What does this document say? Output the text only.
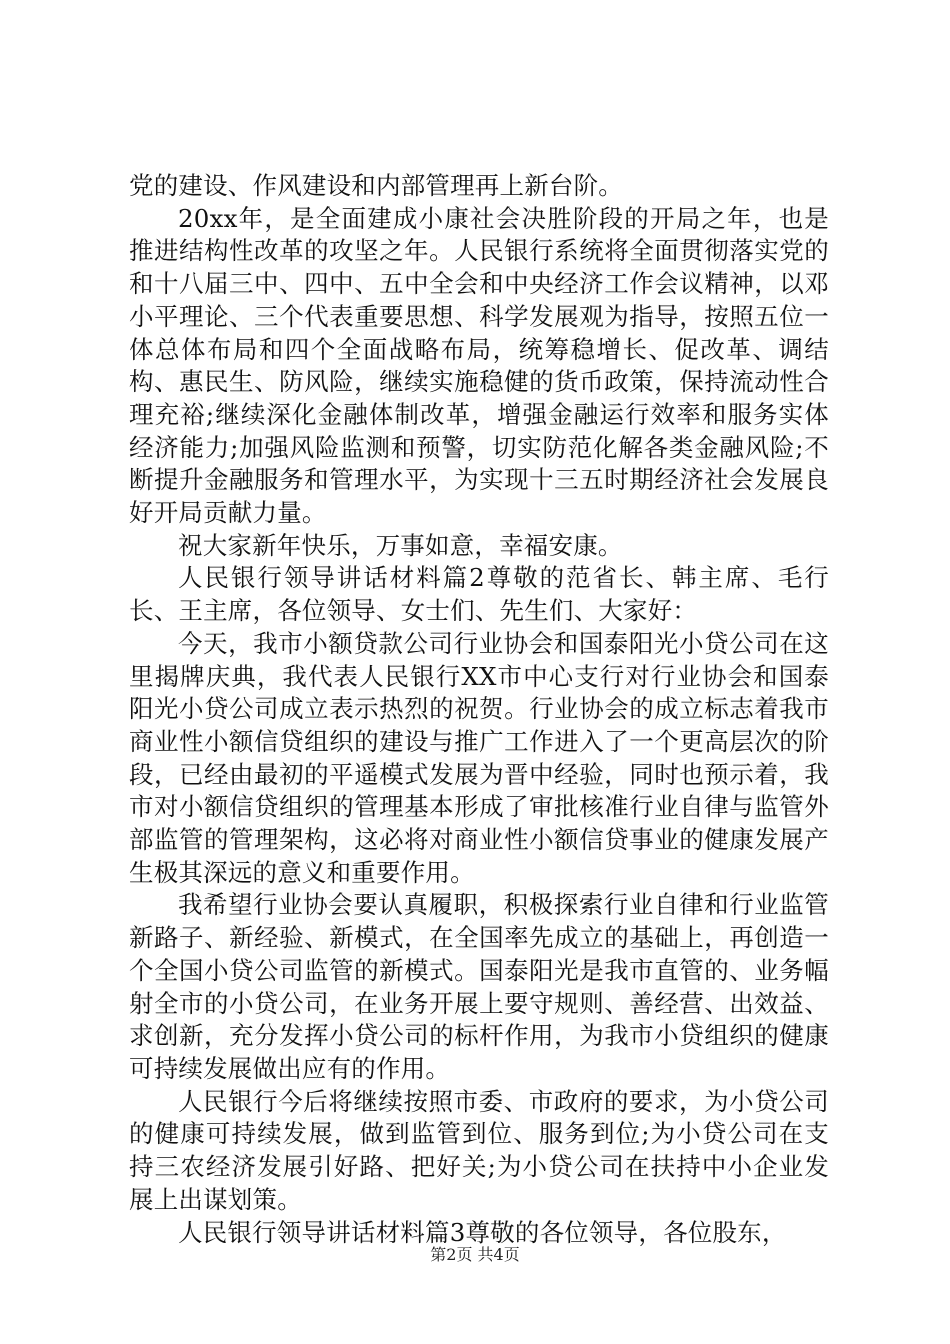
党的建设、作风建设和内部管理再上新台阶。

20xx年，是全面建成小康社会决胜阶段的开局之年，也是推进结构性改革的攻坚之年。人民银行系统将全面贯彻落实党的和十八届三中、四中、五中全会和中央经济工作会议精神，以邓小平理论、三个代表重要思想、科学发展观为指导，按照五位一体总体布局和四个全面战略布局，统筹稳增长、促改革、调结构、惠民生、防风险，继续实施稳健的货币政策，保持流动性合理充裕;继续深化金融体制改革，增强金融运行效率和服务实体经济能力;加强风险监测和预警，切实防范化解各类金融风险;不断提升金融服务和管理水平，为实现十三五时期经济社会发展良好开局贡献力量。

祝大家新年快乐，万事如意，幸福安康。

人民银行领导讲话材料篇2尊敬的范省长、韩主席、毛行长、王主席，各位领导、女士们、先生们、大家好：

今天，我市小额贷款公司行业协会和国泰阳光小贷公司在这里揭牌庆典，我代表人民银行XX市中心支行对行业协会和国泰阳光小贷公司成立表示热烈的祝贺。行业协会的成立标志着我市商业性小额信贷组织的建设与推广工作进入了一个更高层次的阶段，已经由最初的平遥模式发展为晋中经验，同时也预示着，我市对小额信贷组织的管理基本形成了审批核准行业自律与监管外部监管的管理架构，这必将对商业性小额信贷事业的健康发展产生极其深远的意义和重要作用。

我希望行业协会要认真履职，积极探索行业自律和行业监管新路子、新经验、新模式，在全国率先成立的基础上，再创造一个全国小贷公司监管的新模式。国泰阳光是我市直管的、业务幅射全市的小贷公司，在业务开展上要守规则、善经营、出效益、求创新，充分发挥小贷公司的标杆作用，为我市小贷组织的健康可持续发展做出应有的作用。

人民银行今后将继续按照市委、市政府的要求，为小贷公司的健康可持续发展，做到监管到位、服务到位;为小贷公司在支持三农经济发展引好路、把好关;为小贷公司在扶持中小企业发展上出谋划策。

人民银行领导讲话材料篇3尊敬的各位领导，各位股东，

第2页 共4页
